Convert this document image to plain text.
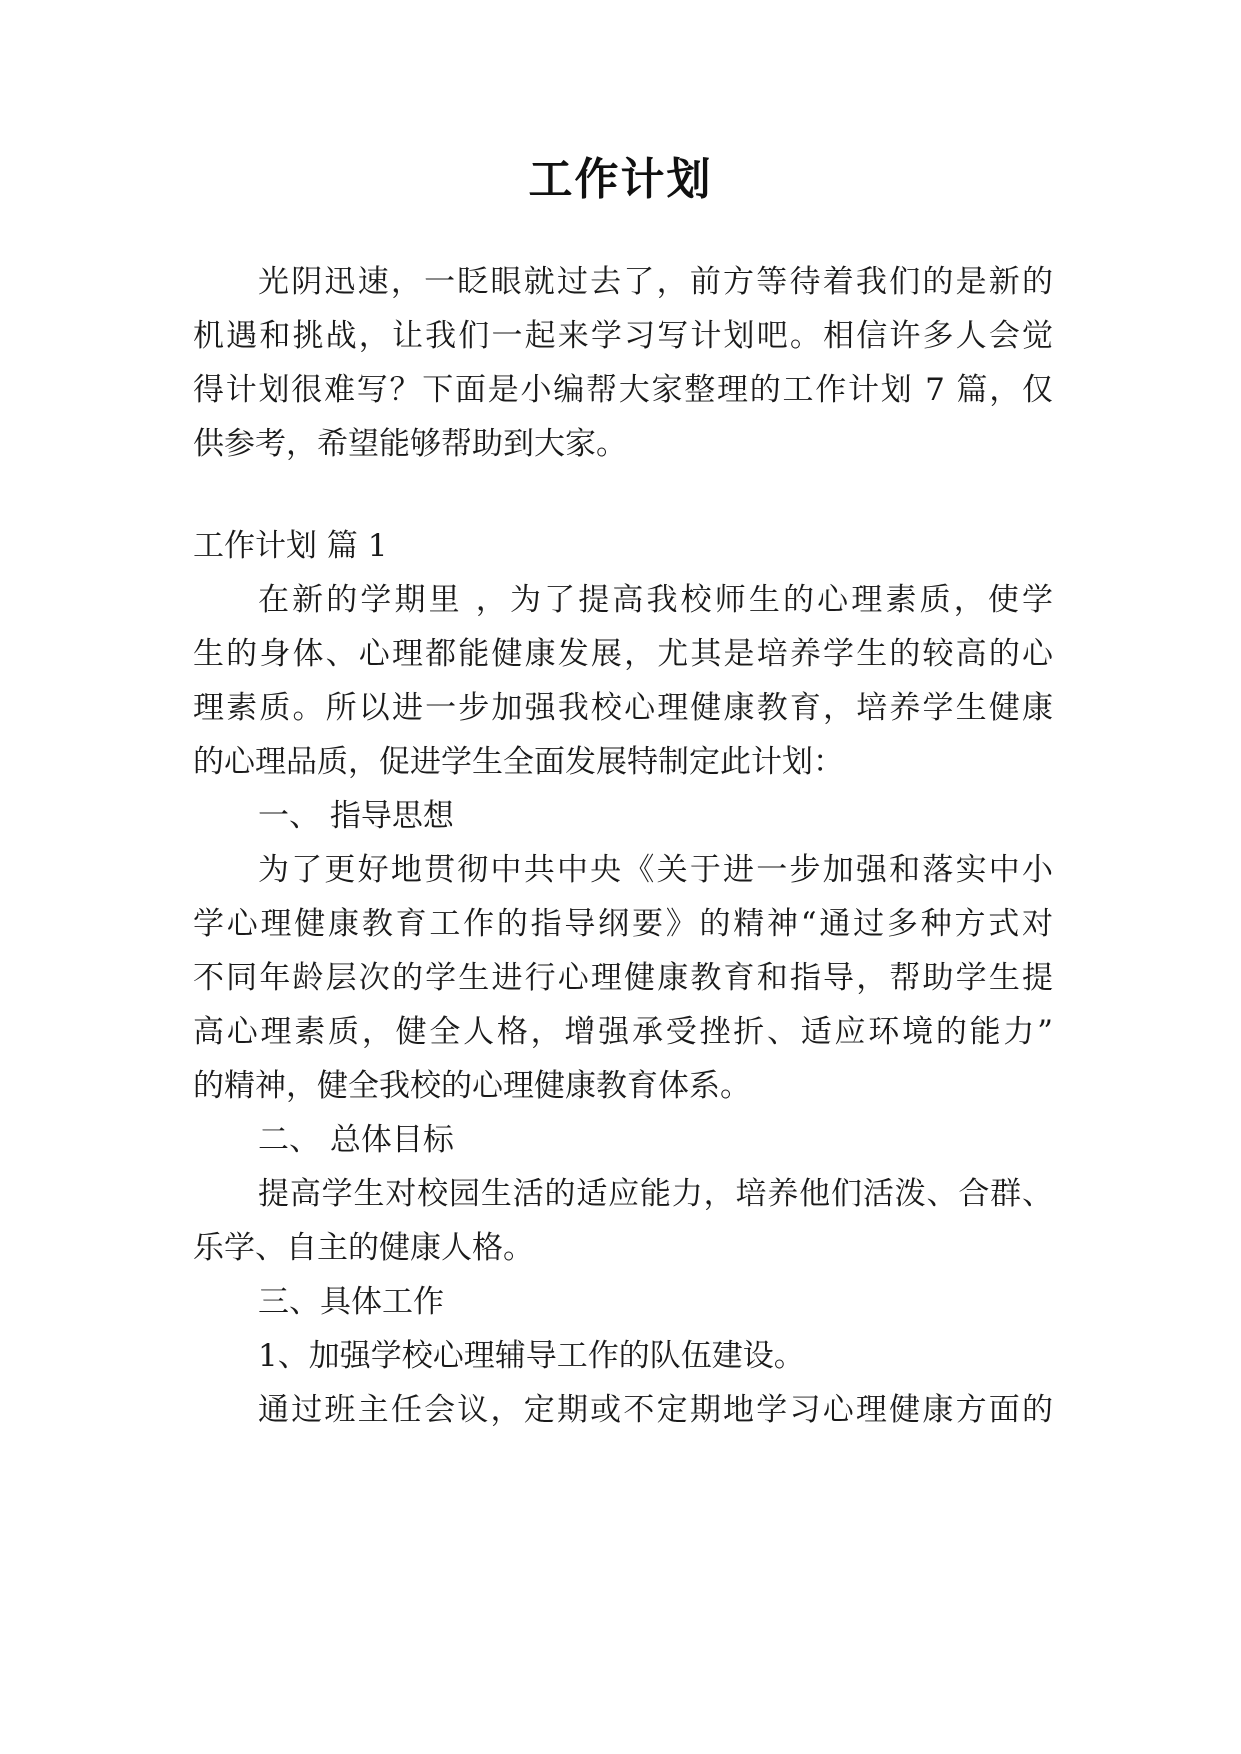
工作计划
光阴迅速，一眨眼就过去了，前方等待着我们的是新的
机遇和挑战，让我们一起来学习写计划吧。相信许多人会觉
得计划很难写？下面是小编帮大家整理的工作计划 7 篇，仅
供参考，希望能够帮助到大家。
工作计划 篇 1
在新的学期里 ，为了提高我校师生的心理素质，使学
生的身体、心理都能健康发展，尤其是培养学生的较高的心
理素质。所以进一步加强我校心理健康教育，培养学生健康
的心理品质，促进学生全面发展特制定此计划：
一、 指导思想
为了更好地贯彻中共中央《关于进一步加强和落实中小
学心理健康教育工作的指导纲要》的精神“通过多种方式对
不同年龄层次的学生进行心理健康教育和指导，帮助学生提
高心理素质，健全人格，增强承受挫折、适应环境的能力”
的精神，健全我校的心理健康教育体系。
二、 总体目标
提高学生对校园生活的适应能力，培养他们活泼、合群、
乐学、自主的健康人格。
三、具体工作
1、加强学校心理辅导工作的队伍建设。
通过班主任会议，定期或不定期地学习心理健康方面的
